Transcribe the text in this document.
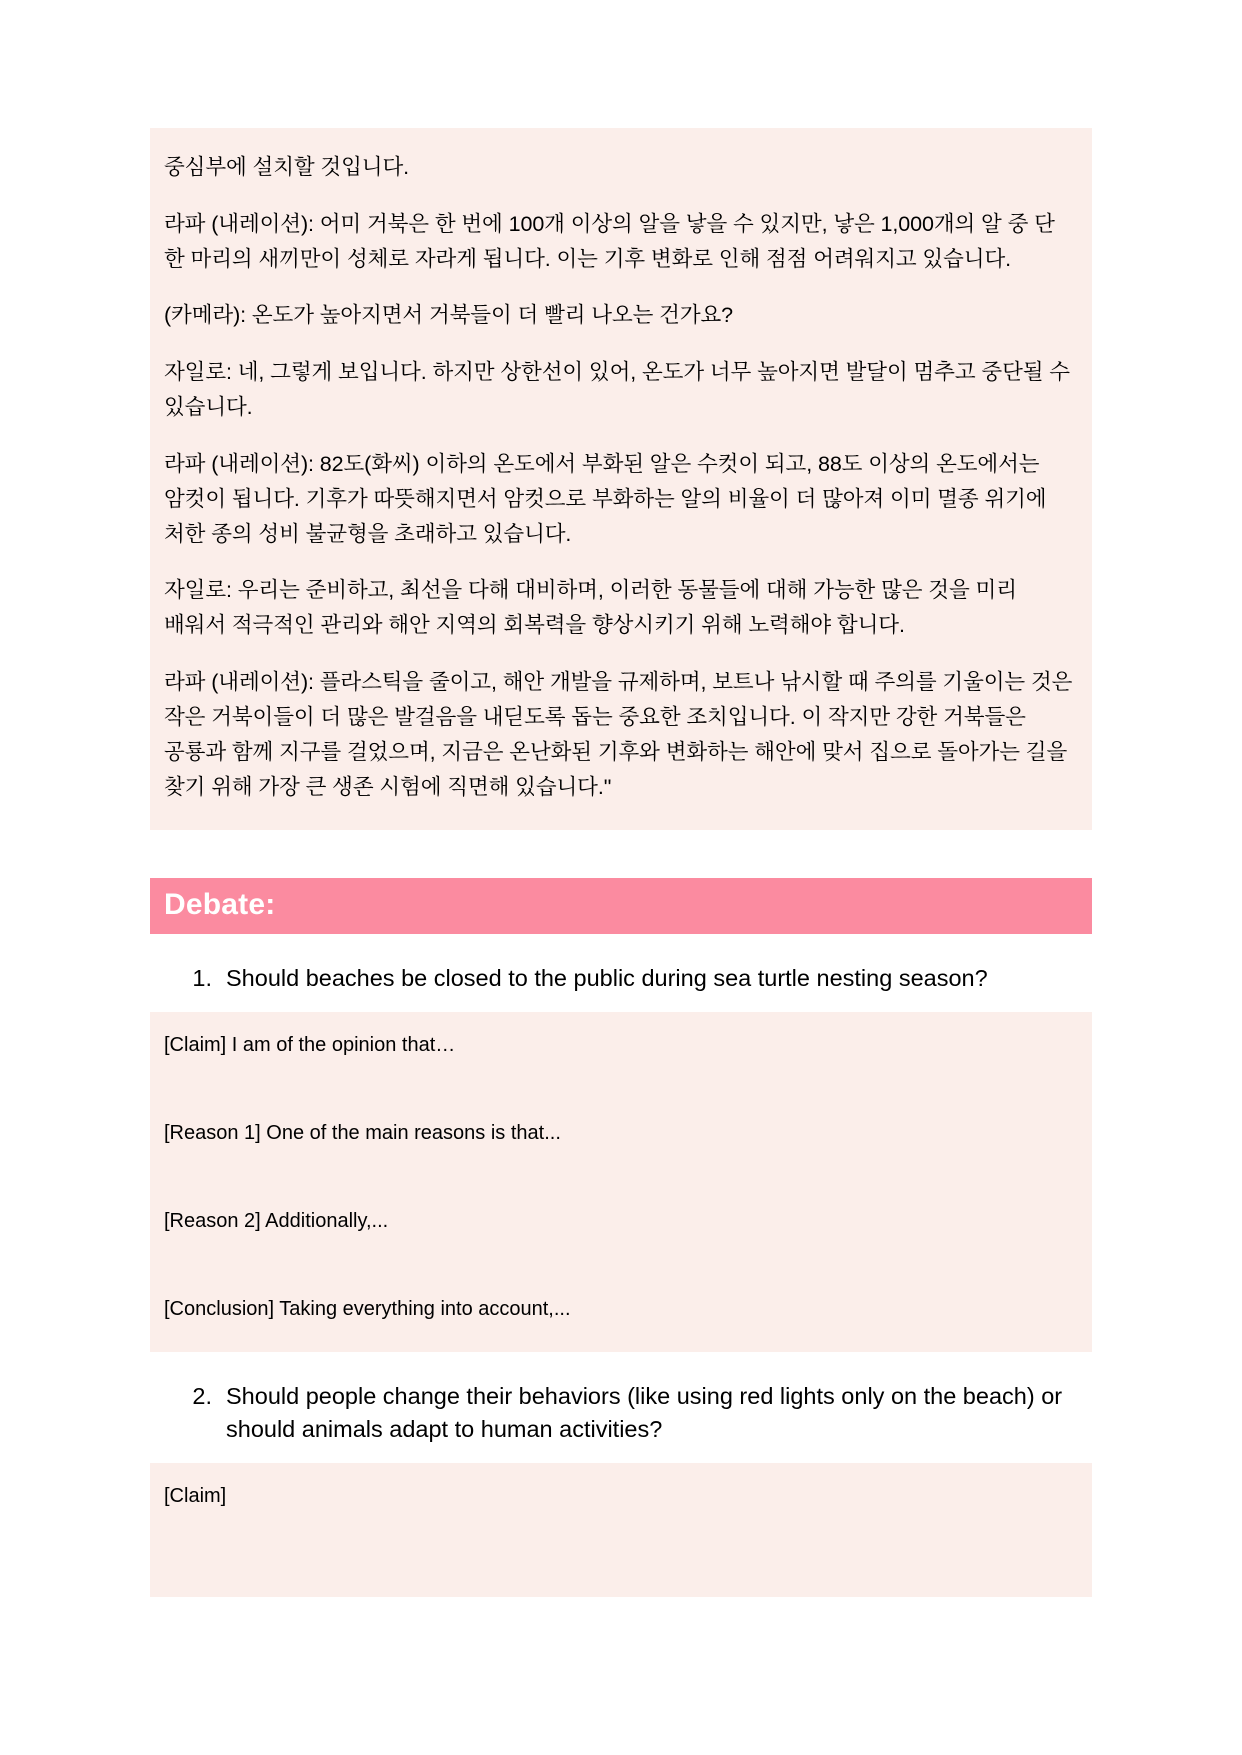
중심부에 설치할 것입니다.

라파 (내레이션): 어미 거북은 한 번에 100개 이상의 알을 낳을 수 있지만, 낳은 1,000개의 알 중 단 한 마리의 새끼만이 성체로 자라게 됩니다. 이는 기후 변화로 인해 점점 어려워지고 있습니다.

(카메라): 온도가 높아지면서 거북들이 더 빨리 나오는 건가요?

자일로: 네, 그렇게 보입니다. 하지만 상한선이 있어, 온도가 너무 높아지면 발달이 멈추고 중단될 수 있습니다.

라파 (내레이션): 82도(화씨) 이하의 온도에서 부화된 알은 수컷이 되고, 88도 이상의 온도에서는 암컷이 됩니다. 기후가 따뜻해지면서 암컷으로 부화하는 알의 비율이 더 많아져 이미 멸종 위기에 처한 종의 성비 불균형을 초래하고 있습니다.

자일로: 우리는 준비하고, 최선을 다해 대비하며, 이러한 동물들에 대해 가능한 많은 것을 미리 배워서 적극적인 관리와 해안 지역의 회복력을 향상시키기 위해 노력해야 합니다.

라파 (내레이션): 플라스틱을 줄이고, 해안 개발을 규제하며, 보트나 낚시할 때 주의를 기울이는 것은 작은 거북이들이 더 많은 발걸음을 내딛도록 돕는 중요한 조치입니다. 이 작지만 강한 거북들은 공룡과 함께 지구를 걸었으며, 지금은 온난화된 기후와 변화하는 해안에 맞서 집으로 돌아가는 길을 찾기 위해 가장 큰 생존 시험에 직면해 있습니다."

Debate:
1. Should beaches be closed to the public during sea turtle nesting season?

[Claim] I am of the opinion that…

[Reason 1] One of the main reasons is that...

[Reason 2] Additionally,...

[Conclusion] Taking everything into account,...

2. Should people change their behaviors (like using red lights only on the beach) or should animals adapt to human activities?

[Claim]
